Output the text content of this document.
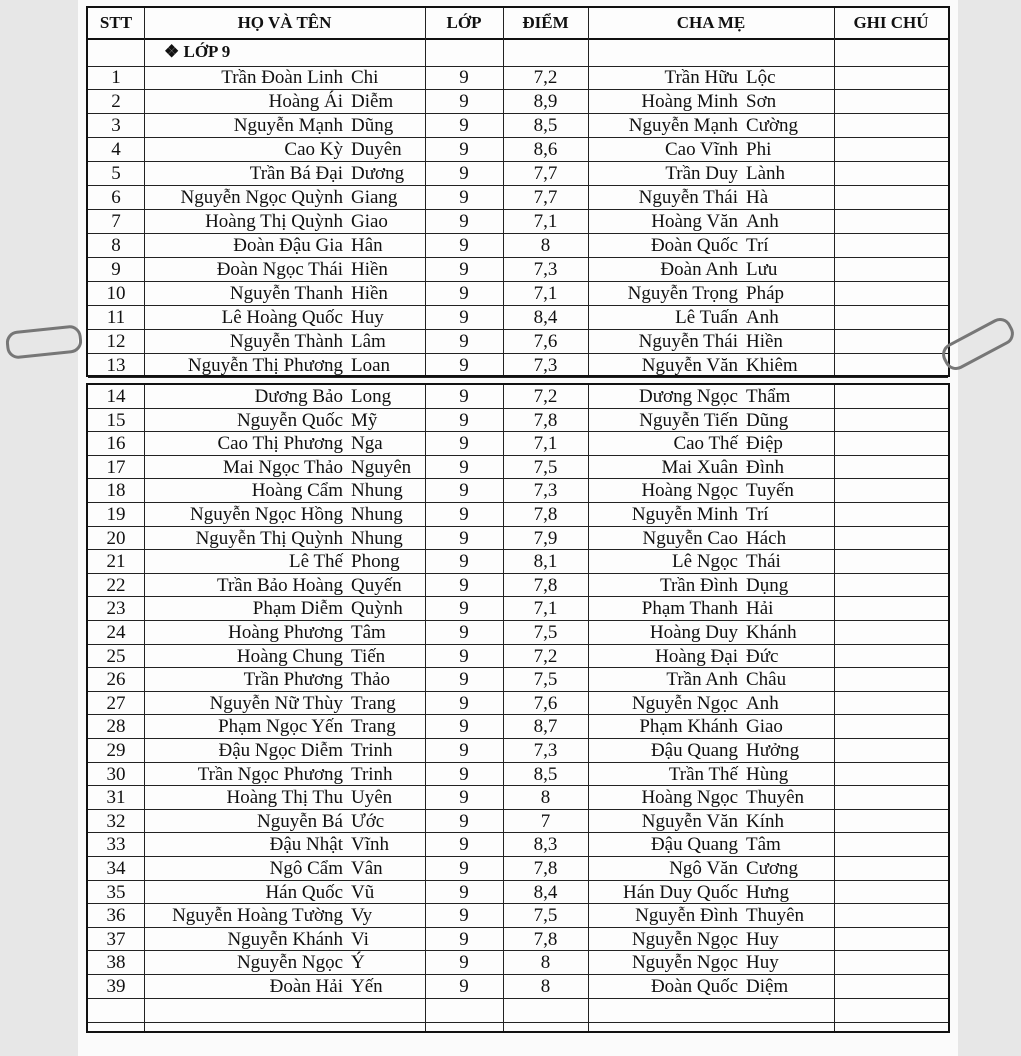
STT	HỌ VÀ TÊN	LỚP	ĐIỂM	CHA MẸ	GHI CHÚ
❖ LỚP 9
1	Trần Đoàn Linh Chi	9	7,2	Trần Hữu Lộc
2	Hoàng Ái Diễm	9	8,9	Hoàng Minh Sơn
3	Nguyễn Mạnh Dũng	9	8,5	Nguyễn Mạnh Cường
4	Cao Kỳ Duyên	9	8,6	Cao Vĩnh Phi
5	Trần Bá Đại Dương	9	7,7	Trần Duy Lành
6	Nguyễn Ngọc Quỳnh Giang	9	7,7	Nguyễn Thái Hà
7	Hoàng Thị Quỳnh Giao	9	7,1	Hoàng Văn Anh
8	Đoàn Đậu Gia Hân	9	8	Đoàn Quốc Trí
9	Đoàn Ngọc Thái Hiền	9	7,3	Đoàn Anh Lưu
10	Nguyễn Thanh Hiền	9	7,1	Nguyễn Trọng Pháp
11	Lê Hoàng Quốc Huy	9	8,4	Lê Tuấn Anh
12	Nguyễn Thành Lâm	9	7,6	Nguyễn Thái Hiền
13	Nguyễn Thị Phương Loan	9	7,3	Nguyễn Văn Khiêm
14	Dương Bảo Long	9	7,2	Dương Ngọc Thẩm
15	Nguyễn Quốc Mỹ	9	7,8	Nguyễn Tiến Dũng
16	Cao Thị Phương Nga	9	7,1	Cao Thế Điệp
17	Mai Ngọc Thảo Nguyên	9	7,5	Mai Xuân Đình
18	Hoàng Cẩm Nhung	9	7,3	Hoàng Ngọc Tuyến
19	Nguyễn Ngọc Hồng Nhung	9	7,8	Nguyễn Minh Trí
20	Nguyễn Thị Quỳnh Nhung	9	7,9	Nguyễn Cao Hách
21	Lê Thế Phong	9	8,1	Lê Ngọc Thái
22	Trần Bảo Hoàng Quyến	9	7,8	Trần Đình Dụng
23	Phạm Diễm Quỳnh	9	7,1	Phạm Thanh Hải
24	Hoàng Phương Tâm	9	7,5	Hoàng Duy Khánh
25	Hoàng Chung Tiến	9	7,2	Hoàng Đại Đức
26	Trần Phương Thảo	9	7,5	Trần Anh Châu
27	Nguyễn Nữ Thùy Trang	9	7,6	Nguyễn Ngọc Anh
28	Phạm Ngọc Yến Trang	9	8,7	Phạm Khánh Giao
29	Đậu Ngọc Diễm Trinh	9	7,3	Đậu Quang Hưởng
30	Trần Ngọc Phương Trinh	9	8,5	Trần Thế Hùng
31	Hoàng Thị Thu Uyên	9	8	Hoàng Ngọc Thuyên
32	Nguyễn Bá Ước	9	7	Nguyễn Văn Kính
33	Đậu Nhật Vĩnh	9	8,3	Đậu Quang Tâm
34	Ngô Cẩm Vân	9	7,8	Ngô Văn Cương
35	Hán Quốc Vũ	9	8,4	Hán Duy Quốc Hưng
36	Nguyễn Hoàng Tường Vy	9	7,5	Nguyễn Đình Thuyên
37	Nguyễn Khánh Vi	9	7,8	Nguyễn Ngọc Huy
38	Nguyễn Ngọc Ý	9	8	Nguyễn Ngọc Huy
39	Đoàn Hải Yến	9	8	Đoàn Quốc Diệm
